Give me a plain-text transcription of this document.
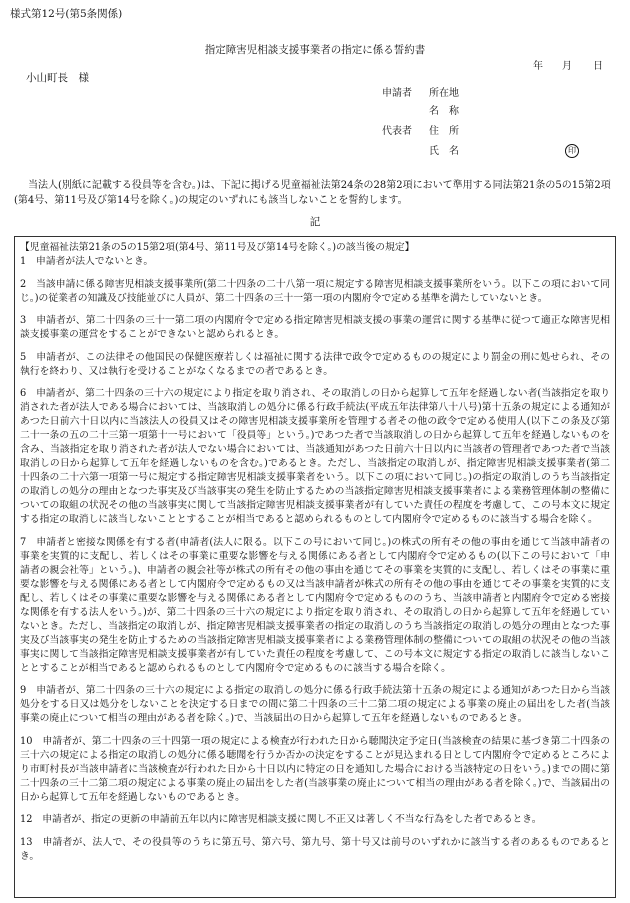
様式第12号(第5条関係)
指定障害児相談支援事業者の指定に係る誓約書
年 月 日
小山町長　様
申請者 所在地
名　称
代表者 住　所
氏　名	印
当法人(別紙に記載する役員等を含む。)は、下記に掲げる児童福祉法第24条の28第2項において準用する同法第21条の5の15第2項(第4号、第11号及び第14号を除く。)の規定のいずれにも該当しないことを誓約します。
記
【児童福祉法第21条の5の15第2項(第4号、第11号及び第14号を除く。)の該当後の規定】
1　申請者が法人でないとき。
2　当該申請に係る障害児相談支援事業所(第二十四条の二十八第一項に規定する障害児相談支援事業所をいう。以下この項において同じ。)の従業者の知識及び技能並びに人員が、第二十四条の三十一第一項の内閣府令で定める基準を満たしていないとき。
3　申請者が、第二十四条の三十一第二項の内閣府令で定める指定障害児相談支援の事業の運営に関する基準に従つて適正な障害児相談支援事業の運営をすることができないと認められるとき。
5　申請者が、この法律その他国民の保健医療若しくは福祉に関する法律で政令で定めるものの規定により罰金の刑に処せられ、その執行を終わり、又は執行を受けることがなくなるまでの者であるとき。
6　申請者が、第二十四条の三十六の規定により指定を取り消され、その取消しの日から起算して五年を経過しない者(当該指定を取り消された者が法人である場合においては、当該取消しの処分に係る行政手続法(平成五年法律第八十八号)第十五条の規定による通知があつた日前六十日以内に当該法人の役員又はその障害児相談支援事業所を管理する者その他の政令で定める使用人(以下この条及び第二十一条の五の二十三第一項第十一号において「役員等」という。)であつた者で当該取消しの日から起算して五年を経過しないものを含み、当該指定を取り消された者が法人でない場合においては、当該通知があつた日前六十日以内に当該者の管理者であつた者で当該取消しの日から起算して五年を経過しないものを含む。)であるとき。ただし、当該指定の取消しが、指定障害児相談支援事業者(第二十四条の二十六第一項第一号に規定する指定障害児相談支援事業者をいう。以下この項において同じ。)の指定の取消しのうち当該指定の取消しの処分の理由となつた事実及び当該事実の発生を防止するための当該指定障害児相談支援事業者による業務管理体制の整備についての取組の状況その他の当該事実に関して当該指定障害児相談支援事業者が有していた責任の程度を考慮して、この号本文に規定する指定の取消しに該当しないこととすることが相当であると認められるものとして内閣府令で定めるものに該当する場合を除く。
7　申請者と密接な関係を有する者(申請者(法人に限る。以下この号において同じ。)の株式の所有その他の事由を通じて当該申請者の事業を実質的に支配し、若しくはその事業に重要な影響を与える関係にある者として内閣府令で定めるもの(以下この号において「申請者の親会社等」という。)、申請者の親会社等が株式の所有その他の事由を通じてその事業を実質的に支配し、若しくはその事業に重要な影響を与える関係にある者として内閣府令で定めるもの又は当該申請者が株式の所有その他の事由を通じてその事業を実質的に支配し、若しくはその事業に重要な影響を与える関係にある者として内閣府令で定めるもののうち、当該申請者と内閣府令で定める密接な関係を有する法人をいう。)が、第二十四条の三十六の規定により指定を取り消され、その取消しの日から起算して五年を経過していないとき。ただし、当該指定の取消しが、指定障害児相談支援事業者の指定の取消しのうち当該指定の取消しの処分の理由となつた事実及び当該事実の発生を防止するための当該指定障害児相談支援事業者による業務管理体制の整備についての取組の状況その他の当該事実に関して当該指定障害児相談支援事業者が有していた責任の程度を考慮して、この号本文に規定する指定の取消しに該当しないこととすることが相当であると認められるものとして内閣府令で定めるものに該当する場合を除く。
9　申請者が、第二十四条の三十六の規定による指定の取消しの処分に係る行政手続法第十五条の規定による通知があつた日から当該処分をする日又は処分をしないことを決定する日までの間に第二十四条の三十二第二項の規定による事業の廃止の届出をした者(当該事業の廃止について相当の理由がある者を除く。)で、当該届出の日から起算して五年を経過しないものであるとき。
10　申請者が、第二十四条の三十四第一項の規定による検査が行われた日から聴聞決定予定日(当該検査の結果に基づき第二十四条の三十六の規定による指定の取消しの処分に係る聴聞を行うか否かの決定をすることが見込まれる日として内閣府令で定めるところにより市町村長が当該申請者に当該検査が行われた日から十日以内に特定の日を通知した場合における当該特定の日をいう。)までの間に第二十四条の三十二第二項の規定による事業の廃止の届出をした者(当該事業の廃止について相当の理由がある者を除く。)で、当該届出の日から起算して五年を経過しないものであるとき。
12　申請者が、指定の更新の申請前五年以内に障害児相談支援に関し不正又は著しく不当な行為をした者であるとき。
13　申請者が、法人で、その役員等のうちに第五号、第六号、第九号、第十号又は前号のいずれかに該当する者のあるものであるとき。
